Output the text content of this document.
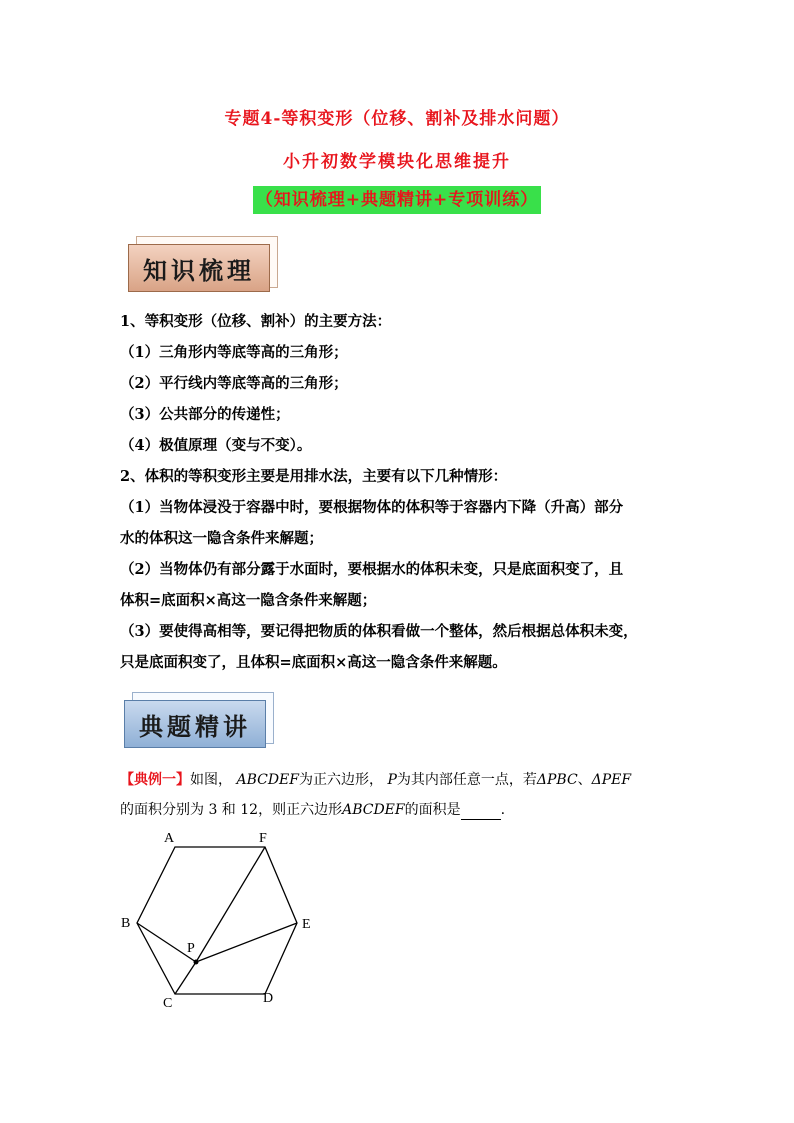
专题4-等积变形（位移、割补及排水问题）
小升初数学模块化思维提升
（知识梳理+典题精讲+专项训练）
知识梳理
1、等积变形（位移、割补）的主要方法：
（1）三角形内等底等高的三角形；
（2）平行线内等底等高的三角形；
（3）公共部分的传递性；
（4）极值原理（变与不变）。
2、体积的等积变形主要是用排水法，主要有以下几种情形：
（1）当物体浸没于容器中时，要根据物体的体积等于容器内下降（升高）部分
水的体积这一隐含条件来解题；
（2）当物体仍有部分露于水面时，要根据水的体积未变，只是底面积变了，且
体积=底面积×高这一隐含条件来解题；
（3）要使得高相等，要记得把物质的体积看做一个整体，然后根据总体积未变，
只是底面积变了，且体积=底面积×高这一隐含条件来解题。
典题精讲
【典例一】如图， ABCDEF为正六边形， P为其内部任意一点，若ΔPBC、ΔPEF
的面积分别为 3 和 12，则正六边形ABCDEF的面积是	.
A	F
B	E
P
C	D
